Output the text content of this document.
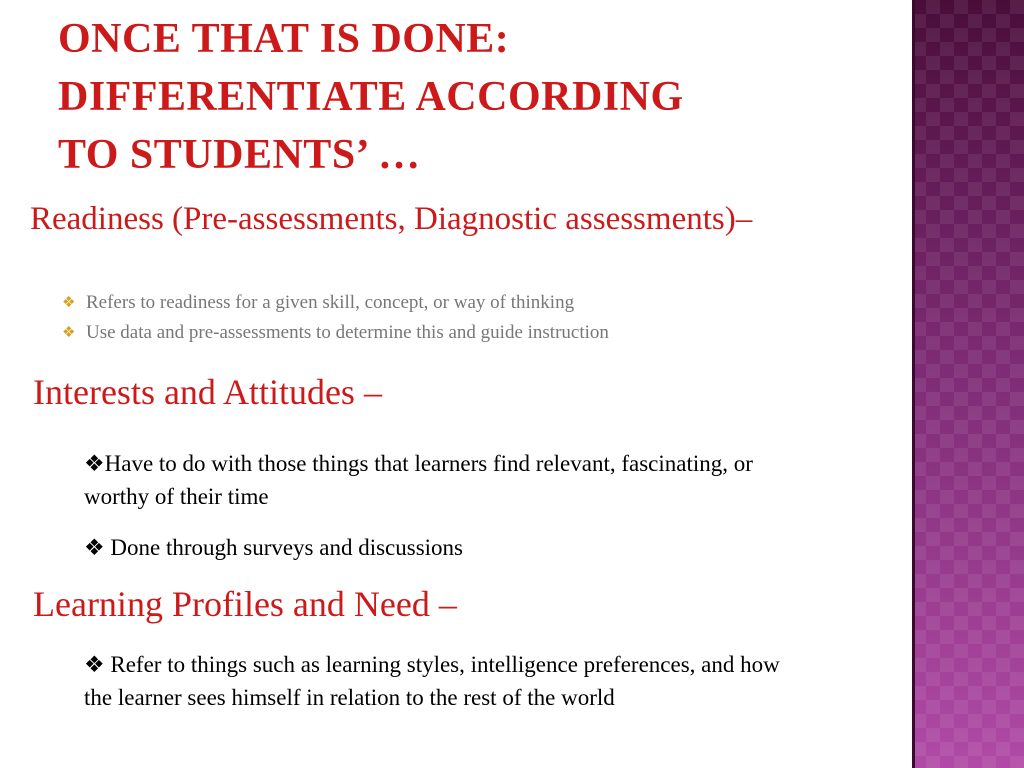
ONCE THAT IS DONE:
DIFFERENTIATE ACCORDING
TO STUDENTS’ …

Readiness (Pre-assessments, Diagnostic assessments)–

❖ Refers to readiness for a given skill, concept, or way of thinking
❖ Use data and pre-assessments to determine this and guide instruction

Interests and Attitudes –

❖Have to do with those things that learners find relevant, fascinating, or worthy of their time

❖ Done through surveys and discussions

Learning Profiles and Need –

❖ Refer to things such as learning styles, intelligence preferences, and how the learner sees himself in relation to the rest of the world
